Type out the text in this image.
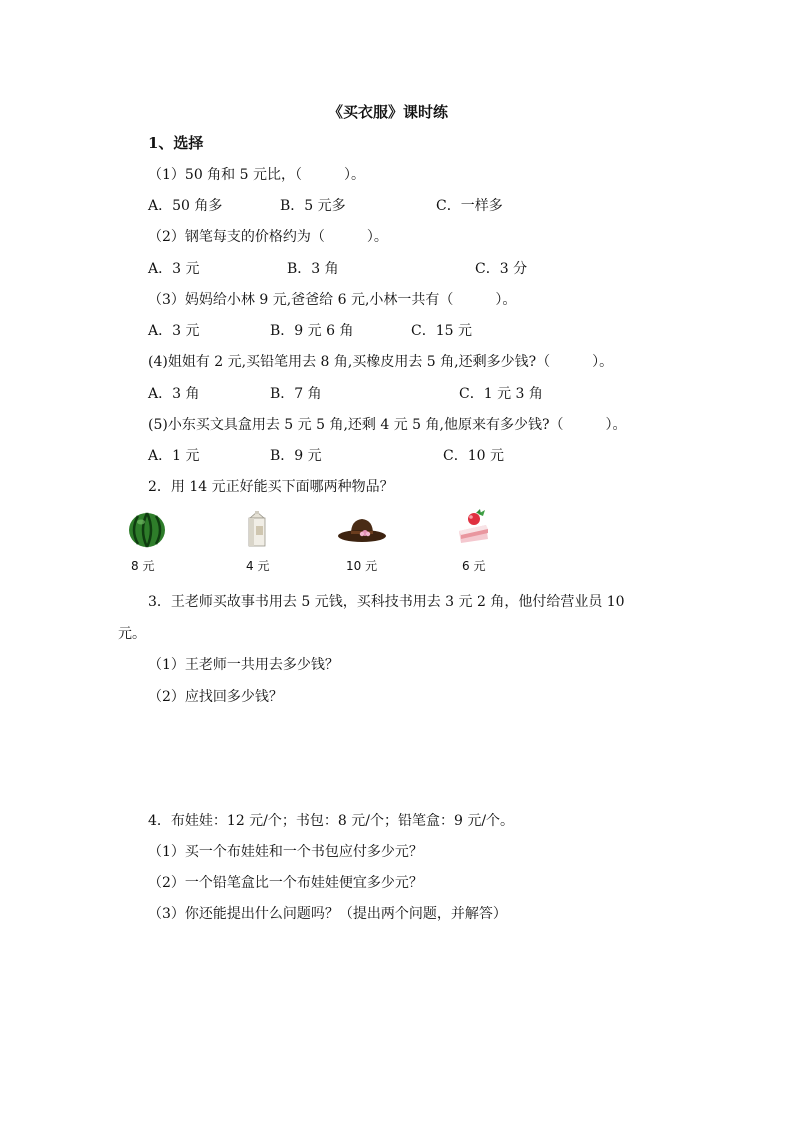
《买衣服》课时练
1、选择
（1）50 角和 5 元比，（　　　）。
A．50 角多	B．5 元多	C．一样多
（2）钢笔每支的价格约为（　　　）。
A．3 元	B．3 角	C．3 分
（3）妈妈给小林 9 元,爸爸给 6 元,小林一共有（　　　）。
A．3 元	B．9 元 6 角	C．15 元
(4)姐姐有 2 元,买铅笔用去 8 角,买橡皮用去 5 角,还剩多少钱?（　　　）。
A．3 角	B．7 角	C．1 元 3 角
(5)小东买文具盒用去 5 元 5 角,还剩 4 元 5 角,他原来有多少钱?（　　　）。
A．1 元	B．9 元	C．10 元
2．用 14 元正好能买下面哪两种物品？
8 元	4 元	10 元	6 元
3．王老师买故事书用去 5 元钱，买科技书用去 3 元 2 角，他付给营业员 10
元。
（1）王老师一共用去多少钱？
（2）应找回多少钱？
4．布娃娃：12 元/个；书包：8 元/个；铅笔盒：9 元/个。
（1）买一个布娃娃和一个书包应付多少元？
（2）一个铅笔盒比一个布娃娃便宜多少元？
（3）你还能提出什么问题吗？（提出两个问题，并解答）
